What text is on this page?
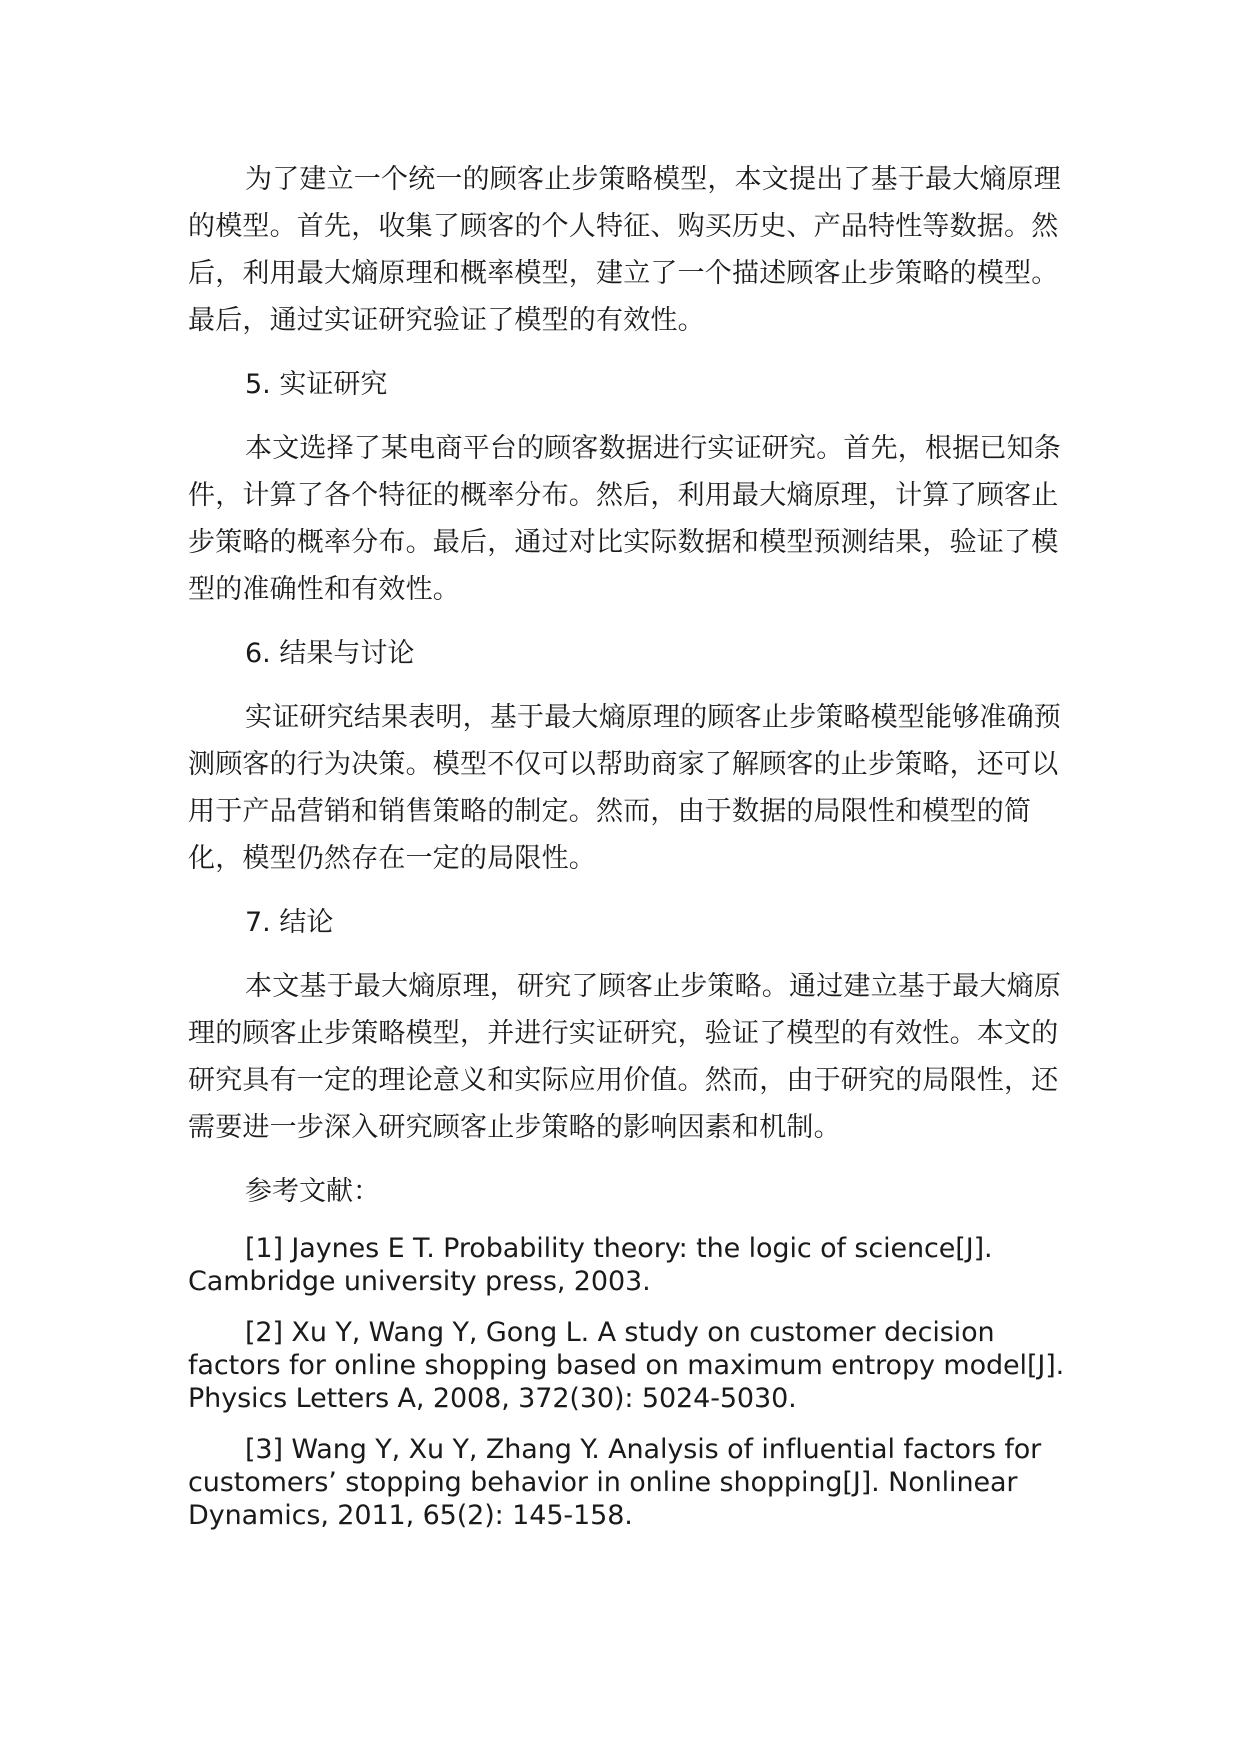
为了建立一个统一的顾客止步策略模型，本文提出了基于最大熵原理的模型。首先，收集了顾客的个人特征、购买历史、产品特性等数据。然后，利用最大熵原理和概率模型，建立了一个描述顾客止步策略的模型。最后，通过实证研究验证了模型的有效性。

5. 实证研究

本文选择了某电商平台的顾客数据进行实证研究。首先，根据已知条件，计算了各个特征的概率分布。然后，利用最大熵原理，计算了顾客止步策略的概率分布。最后，通过对比实际数据和模型预测结果，验证了模型的准确性和有效性。

6. 结果与讨论

实证研究结果表明，基于最大熵原理的顾客止步策略模型能够准确预测顾客的行为决策。模型不仅可以帮助商家了解顾客的止步策略，还可以用于产品营销和销售策略的制定。然而，由于数据的局限性和模型的简化，模型仍然存在一定的局限性。

7. 结论

本文基于最大熵原理，研究了顾客止步策略。通过建立基于最大熵原理的顾客止步策略模型，并进行实证研究，验证了模型的有效性。本文的研究具有一定的理论意义和实际应用价值。然而，由于研究的局限性，还需要进一步深入研究顾客止步策略的影响因素和机制。

参考文献：

[1] Jaynes E T. Probability theory: the logic of science[J]. Cambridge university press, 2003.

[2] Xu Y, Wang Y, Gong L. A study on customer decision factors for online shopping based on maximum entropy model[J]. Physics Letters A, 2008, 372(30): 5024-5030.

[3] Wang Y, Xu Y, Zhang Y. Analysis of influential factors for customers’ stopping behavior in online shopping[J]. Nonlinear Dynamics, 2011, 65(2): 145-158.
